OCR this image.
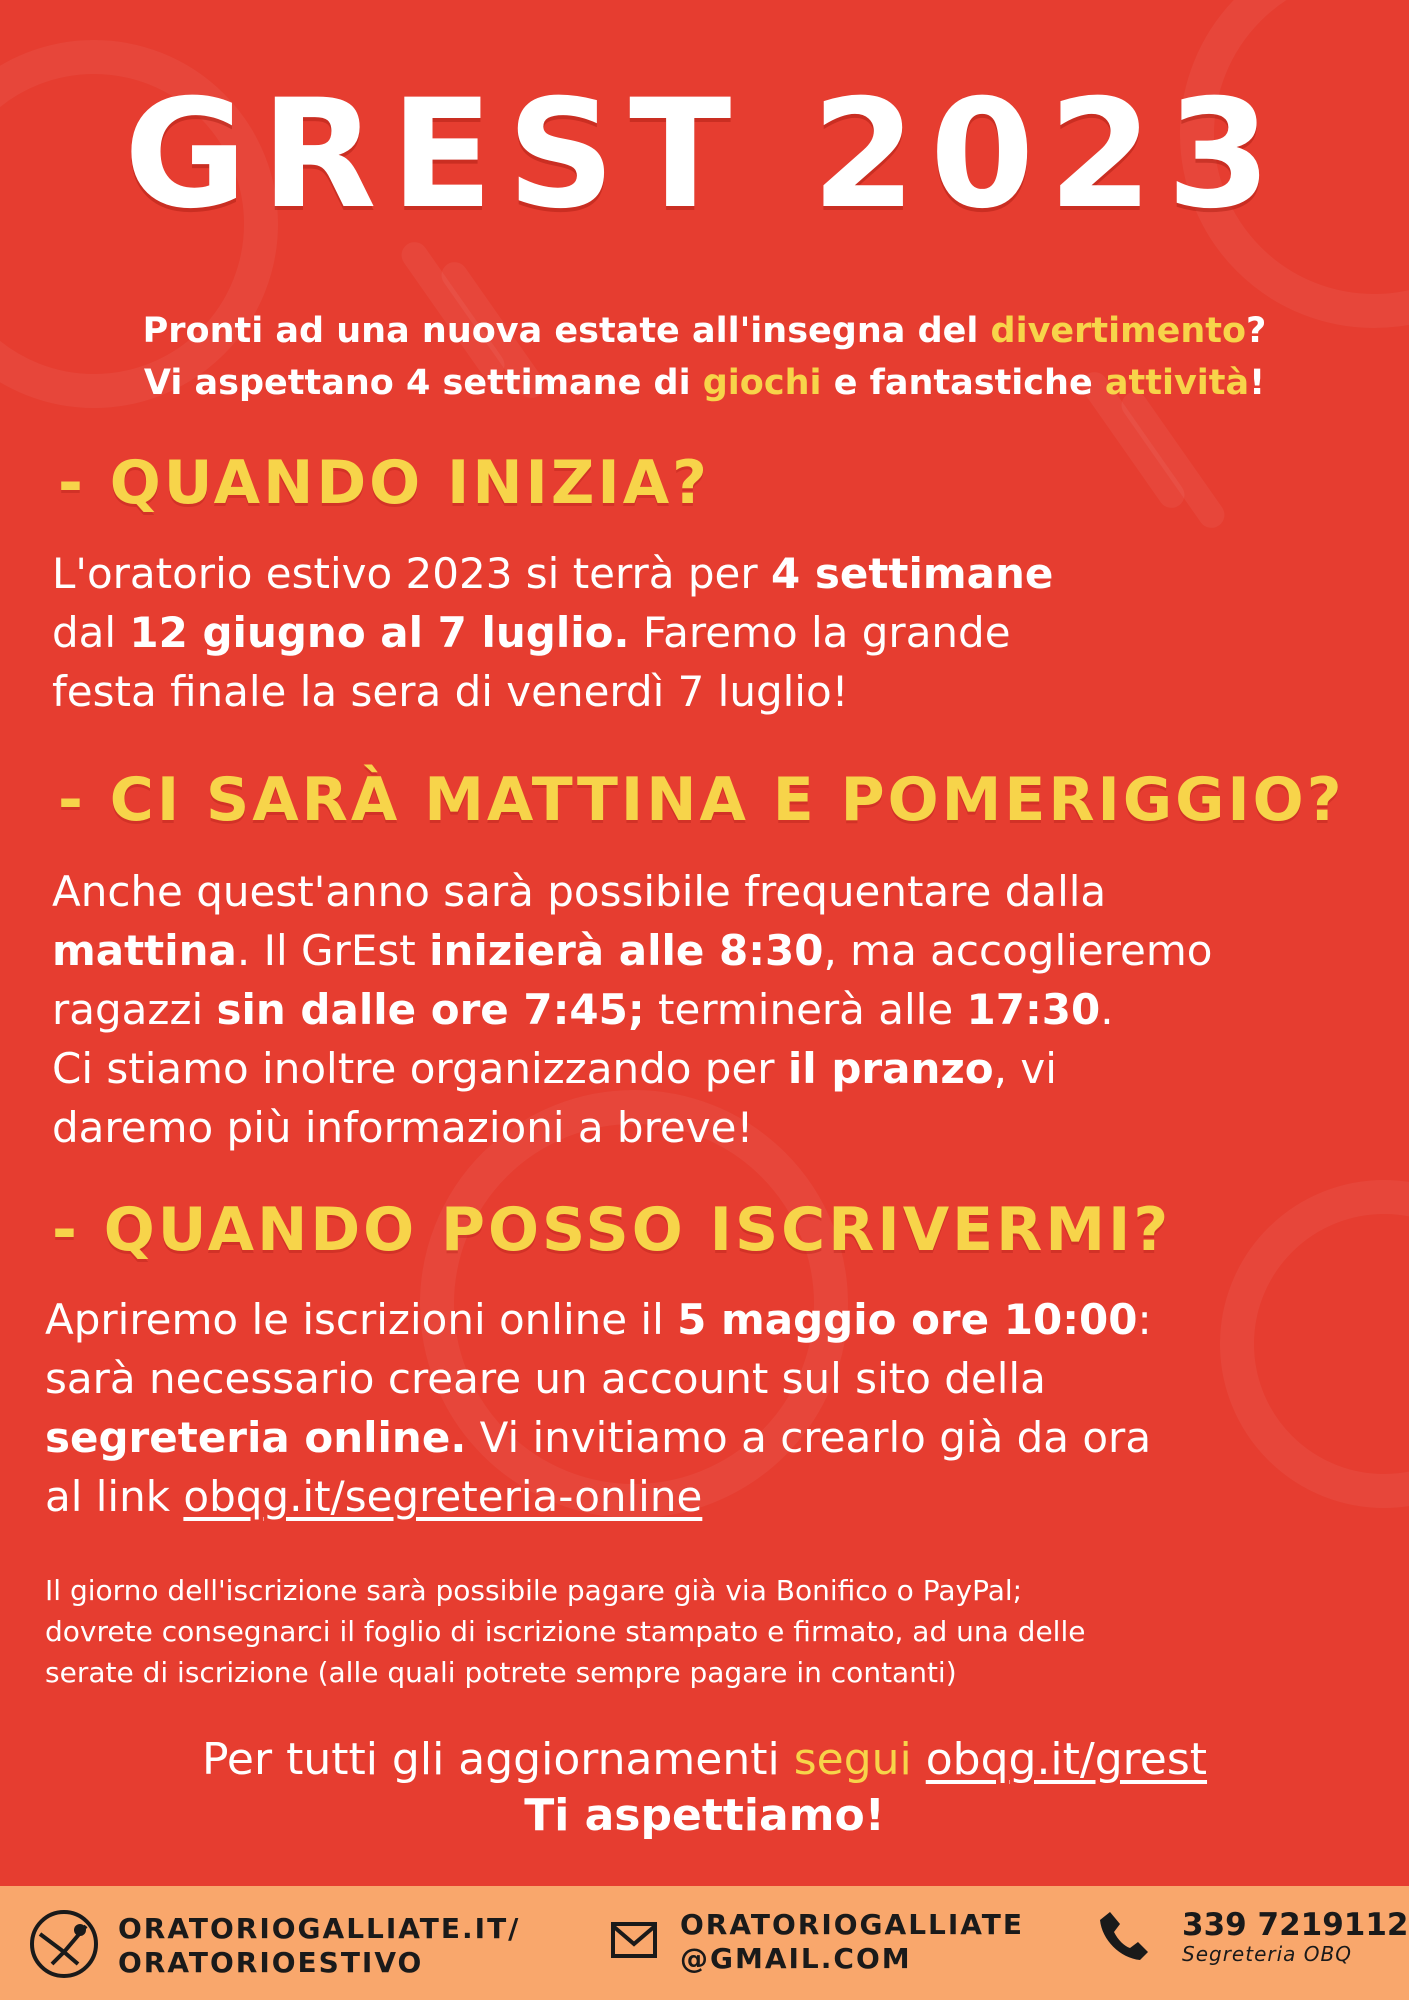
GREST 2023
Pronti ad una nuova estate all'insegna del divertimento?
Vi aspettano 4 settimane di giochi e fantastiche attività!
- QUANDO INIZIA?
L'oratorio estivo 2023 si terrà per 4 settimane
dal 12 giugno al 7 luglio. Faremo la grande
festa finale la sera di venerdì 7 luglio!
- CI SARÀ MATTINA E POMERIGGIO?
Anche quest'anno sarà possibile frequentare dalla
mattina. Il GrEst inizierà alle 8:30, ma accoglieremo
ragazzi sin dalle ore 7:45; terminerà alle 17:30.
Ci stiamo inoltre organizzando per il pranzo, vi
daremo più informazioni a breve!
- QUANDO POSSO ISCRIVERMI?
Apriremo le iscrizioni online il 5 maggio ore 10:00:
sarà necessario creare un account sul sito della
segreteria online. Vi invitiamo a crearlo già da ora
al link obqg.it/segreteria-online
Il giorno dell'iscrizione sarà possibile pagare già via Bonifico o PayPal;
dovrete consegnarci il foglio di iscrizione stampato e firmato, ad una delle
serate di iscrizione (alle quali potrete sempre pagare in contanti)
Per tutti gli aggiornamenti segui obqg.it/grest
Ti aspettiamo!
ORATORIOGALLIATE.IT/
ORATORIOESTIVO
ORATORIOGALLIATE
@GMAIL.COM
339 7219112
Segreteria OBQ
